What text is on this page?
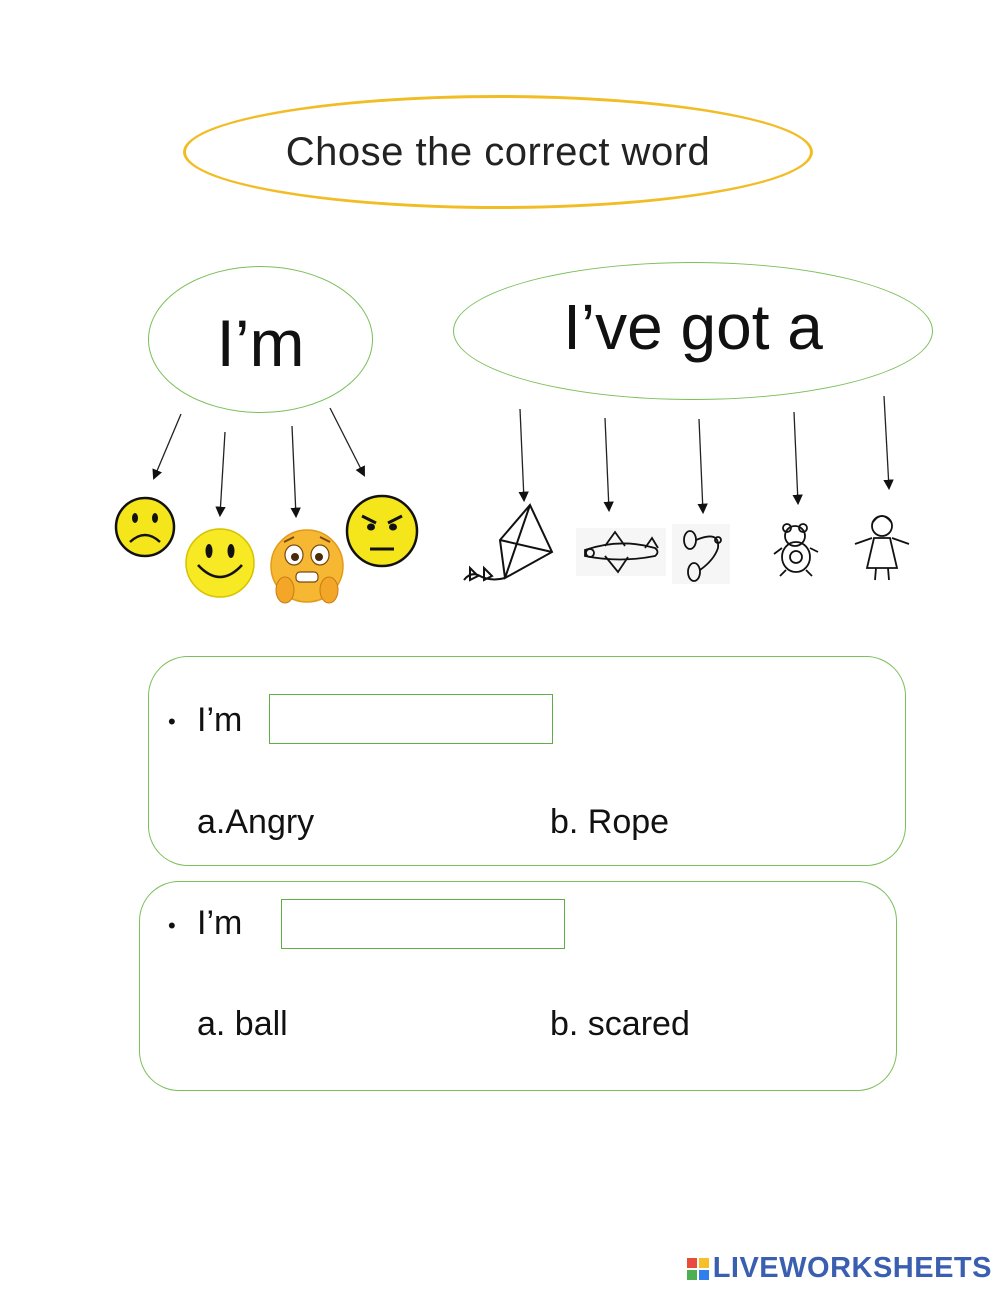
Chose the correct word
I’m	I’ve got a
• I’m
a.Angry	b. Rope
• I’m
a. ball	b. scared
LIVEWORKSHEETS
